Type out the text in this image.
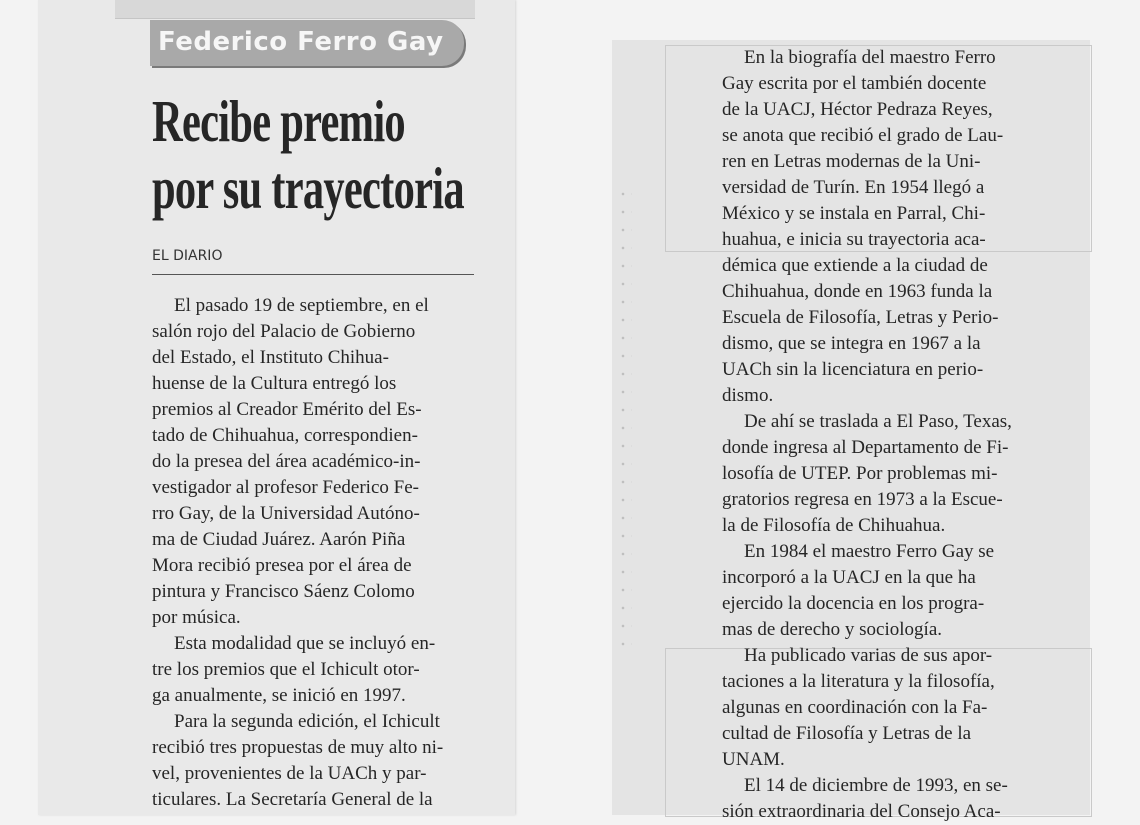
Federico Ferro Gay
Recibe premio
por su trayectoria
EL DIARIO
El pasado 19 de septiembre, en el
salón rojo del Palacio de Gobierno
del Estado, el Instituto Chihua-
huense de la Cultura entregó los
premios al Creador Emérito del Es-
tado de Chihuahua, correspondien-
do la presea del área académico-in-
vestigador al profesor Federico Fe-
rro Gay, de la Universidad Autóno-
ma de Ciudad Juárez. Aarón Piña
Mora recibió presea por el área de
pintura y Francisco Sáenz Colomo
por música.
Esta modalidad que se incluyó en-
tre los premios que el Ichicult otor-
ga anualmente, se inició en 1997.
Para la segunda edición, el Ichicult
recibió tres propuestas de muy alto ni-
vel, provenientes de la UACh y par-
ticulares. La Secretaría General de la
En la biografía del maestro Ferro
Gay escrita por el también docente
de la UACJ, Héctor Pedraza Reyes,
se anota que recibió el grado de Lau-
ren en Letras modernas de la Uni-
versidad de Turín. En 1954 llegó a
México y se instala en Parral, Chi-
huahua, e inicia su trayectoria aca-
démica que extiende a la ciudad de
Chihuahua, donde en 1963 funda la
Escuela de Filosofía, Letras y Perio-
dismo, que se integra en 1967 a la
UACh sin la licenciatura en perio-
dismo.
De ahí se traslada a El Paso, Texas,
donde ingresa al Departamento de Fi-
losofía de UTEP. Por problemas mi-
gratorios regresa en 1973 a la Escue-
la de Filosofía de Chihuahua.
En 1984 el maestro Ferro Gay se
incorporó a la UACJ en la que ha
ejercido la docencia en los progra-
mas de derecho y sociología.
Ha publicado varias de sus apor-
taciones a la literatura y la filosofía,
algunas en coordinación con la Fa-
cultad de Filosofía y Letras de la
UNAM.
El 14 de diciembre de 1993, en se-
sión extraordinaria del Consejo Aca-
